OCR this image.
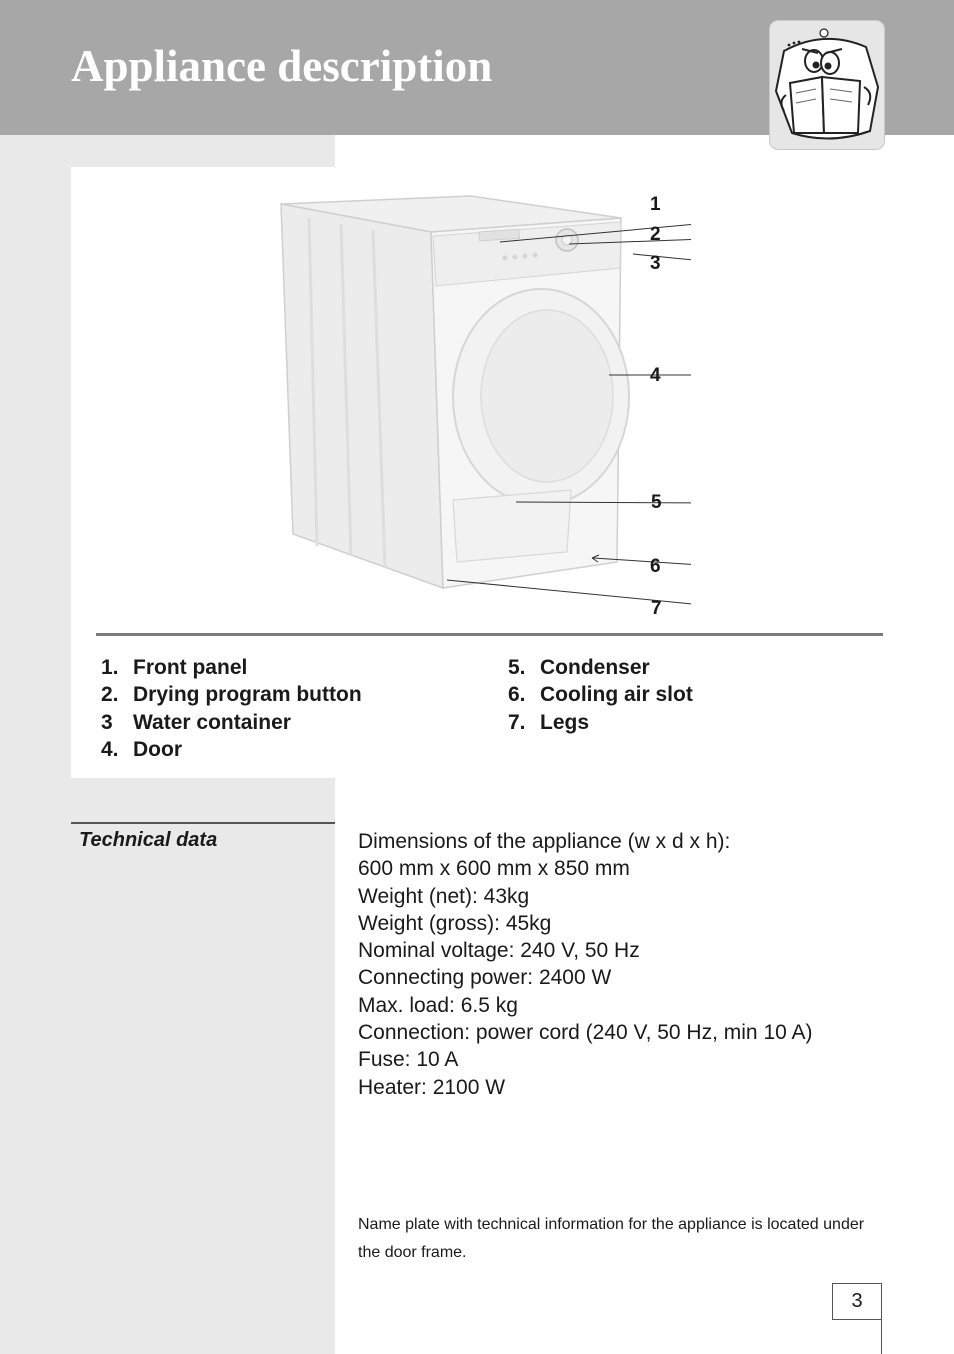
Appliance description
1
2
3
4
5
6
7
1. Front panel
2. Drying program button
3 Water container
4. Door
5. Condenser
6. Cooling air slot
7. Legs
Technical data	Dimensions of the appliance (w x d x h):
600 mm x 600 mm x 850 mm
Weight (net): 43kg
Weight (gross): 45kg
Nominal voltage: 240 V, 50 Hz
Connecting power: 2400 W
Max. load: 6.5 kg
Connection: power cord (240 V, 50 Hz, min 10 A)
Fuse: 10 A
Heater: 2100 W

Name plate with technical information for the appliance is located under the door frame.

3
